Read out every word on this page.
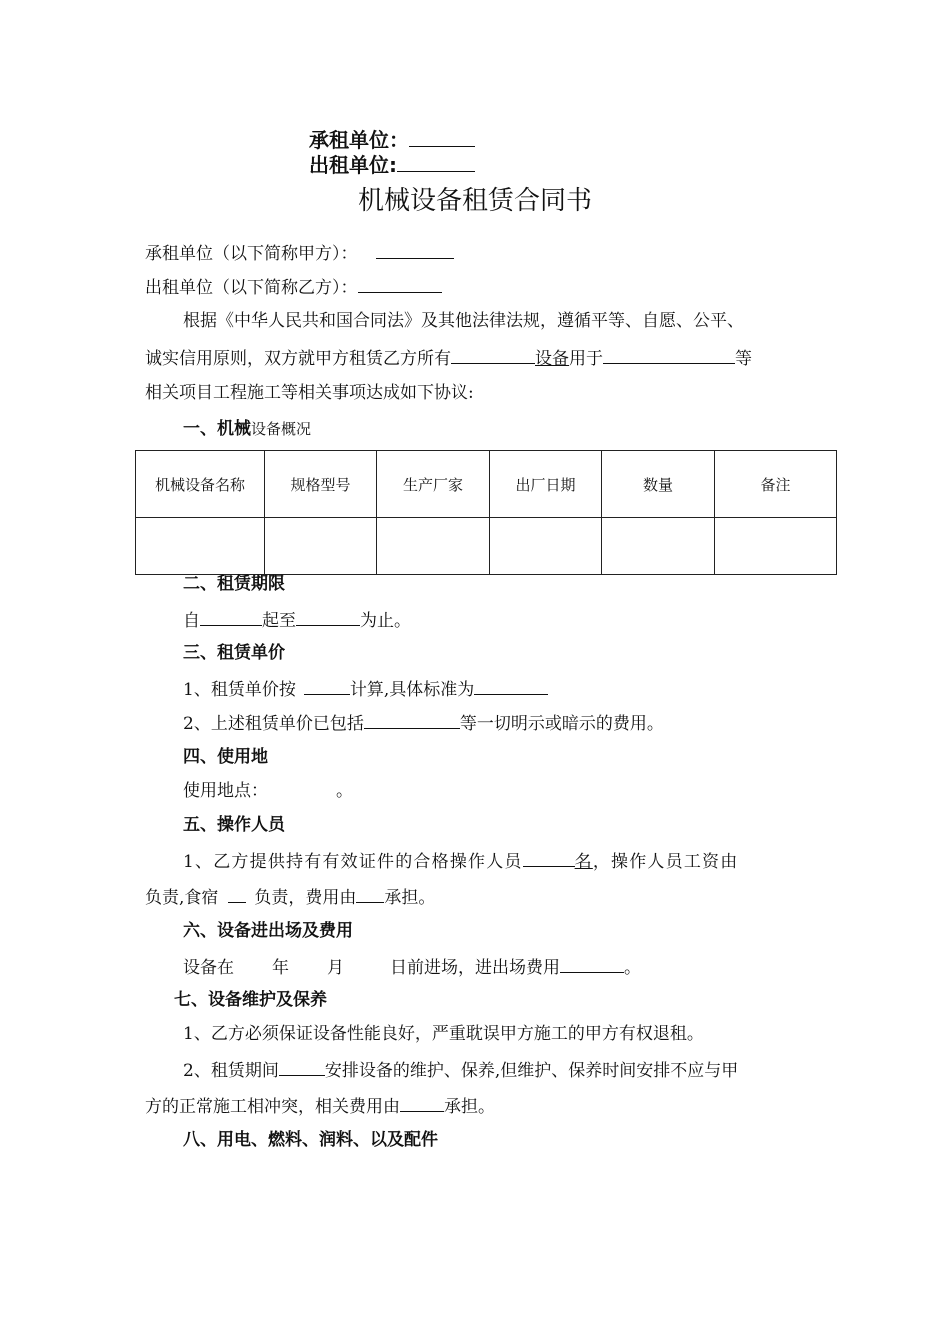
承租单位：
出租单位:
机械设备租赁合同书
承租单位（以下简称甲方）：
出租单位（以下简称乙方）：
根据《中华人民共和国合同法》及其他法律法规，遵循平等、自愿、公平、
诚实信用原则，双方就甲方租赁乙方所有	设备用于	等
相关项目工程施工等相关事项达成如下协议:
一、机械设备概况
机械设备名称	规格型号	生产厂家	出厂日期	数量	备注

二、租赁期限
自	起至	为止。
三、租赁单价
1、租赁单价按	计算,具体标准为
2、上述租赁单价已包括	等一切明示或暗示的费用。
四、使用地
使用地点：	。
五、操作人员
1、乙方提供持有有效证件的合格操作人员	名，操作人员工资由
负责,食宿 负责，费用由 承担。
六、设备进出场及费用
设备在 年 月	日前进场，进出场费用	。
七、设备维护及保养
1、乙方必须保证设备性能良好，严重耽误甲方施工的甲方有权退租。
2、租赁期间	安排设备的维护、保养,但维护、保养时间安排不应与甲
方的正常施工相冲突，相关费用由	承担。
八、用电、燃料、润料、以及配件
